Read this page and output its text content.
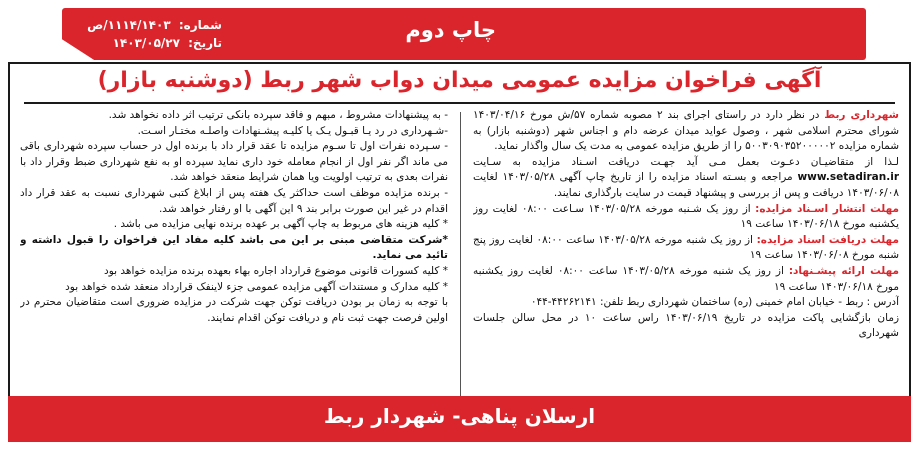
چاپ دوم
شماره: ۱۱۱۴/۱۴۰۳/ص
تاریخ: ۱۴۰۳/۰۵/۲۷
آگهی فراخوان مزایده عمومی میدان دواب شهر ربط (دوشنبه بازار)

شهرداری ربط در نظر دارد در راستای اجرای بند ۲ مصوبه شماره ۵۷/ش مورخ ۱۴۰۳/۰۴/۱۶ شورای محترم اسلامی شهر ، وصول عواید میدان عرضه دام و اجناس شهر (دوشنبه بازار) به شماره مزایده ۵۰۰۳۰۹۰۳۵۲۰۰۰۰۰۲ را از طریق مزایده عمومی به مدت یک سال واگذار نماید.

لـذا از متقاضیـان دعـوت بعمل مـی آید جهـت دریافت اسـناد مزایده به سـایت www.setadiran.ir مراجعه و بسـته اسناد مزایده را از تاریخ چاپ آگهی ۱۴۰۳/۰۵/۲۸ لغایت ۱۴۰۳/۰۶/۰۸ دریافت و پس از بررسی و پیشنهاد قیمت در سایت بارگذاری نمایند.

مهلت انتشار اسـناد مزایده: از روز یک شـنبه مورخه ۱۴۰۳/۰۵/۲۸ سـاعت ۰۸:۰۰ لغایت روز یکشنبه مورخ ۱۴۰۳/۰۶/۱۸ ساعت ۱۹

مهلت دریافت اسناد مزایده: از روز یک شنبه مورخه ۱۴۰۳/۰۵/۲۸ ساعت ۰۸:۰۰ لغایت روز پنج شنبه مورخ ۱۴۰۳/۰۶/۰۸ ساعت ۱۹

مهلت ارائه پیشـنهاد: از روز یک شنبه مورخه ۱۴۰۳/۰۵/۲۸ ساعت ۰۸:۰۰ لغایت روز یکشنبه مورخ ۱۴۰۳/۰۶/۱۸ ساعت ۱۹

آدرس : ربط - خیابان امام خمینی (ره) ساختمان شهرداری ربط تلفن: ۴۴۲۶۲۱۴۱-۰۴۴

زمان بازگشایی پاکت مزایده در تاریخ ۱۴۰۳/۰۶/۱۹ راس ساعت ۱۰ در محل سالن جلسات شهرداری

- به پیشنهادات مشروط ، مبهم و فاقد سپرده بانکی ترتیب اثر داده نخواهد شد.

-شـهرداری در رد یـا قبـول یـک یا کلیـه پیشـنهادات واصلـه مختـار اسـت.

- سـپرده نفرات اول تا سـوم مزایده تا عقد قرار داد با برنده اول در حساب سپرده شهرداری باقی می ماند اگر نفر اول از انجام معامله خود داری نماید سپرده او به نفع شهرداری ضبط وقرار داد با نفرات بعدی به ترتیب اولویت ویا همان شرایط منعقد خواهد شد.

- برنده مزایده موظف است حداکثر یک هفته پس از ابلاغ کتبی شهرداری نسبت به عقد قرار داد اقدام در غیر این صورت برابر بند ۹ این آگهی با او رفتار خواهد شد.

* کلیه هزینه های مربوط به چاپ آگهی بر عهده برنده نهایی مزایده می باشد .

*شرکت متقاضی مبنی بر این می باشد کلیه مفاد این فراخوان را قبول داشته و تائید می نماید.

* کلیه کسورات قانونی موضوع قرارداد اجاره بهاء بعهده برنده مزایده خواهد بود

* کلیه مدارک و مستندات آگهی مزایده عمومی جزء لاینفک قرارداد منعقد شده خواهد بود

با توجه به زمان بر بودن دریافت توکن جهت شرکت در مزایده ضروری است متقاضیان محترم در اولین فرصت جهت ثبت نام و دریافت توکن اقدام نمایند.

ارسلان پناهی- شهردار ربط
